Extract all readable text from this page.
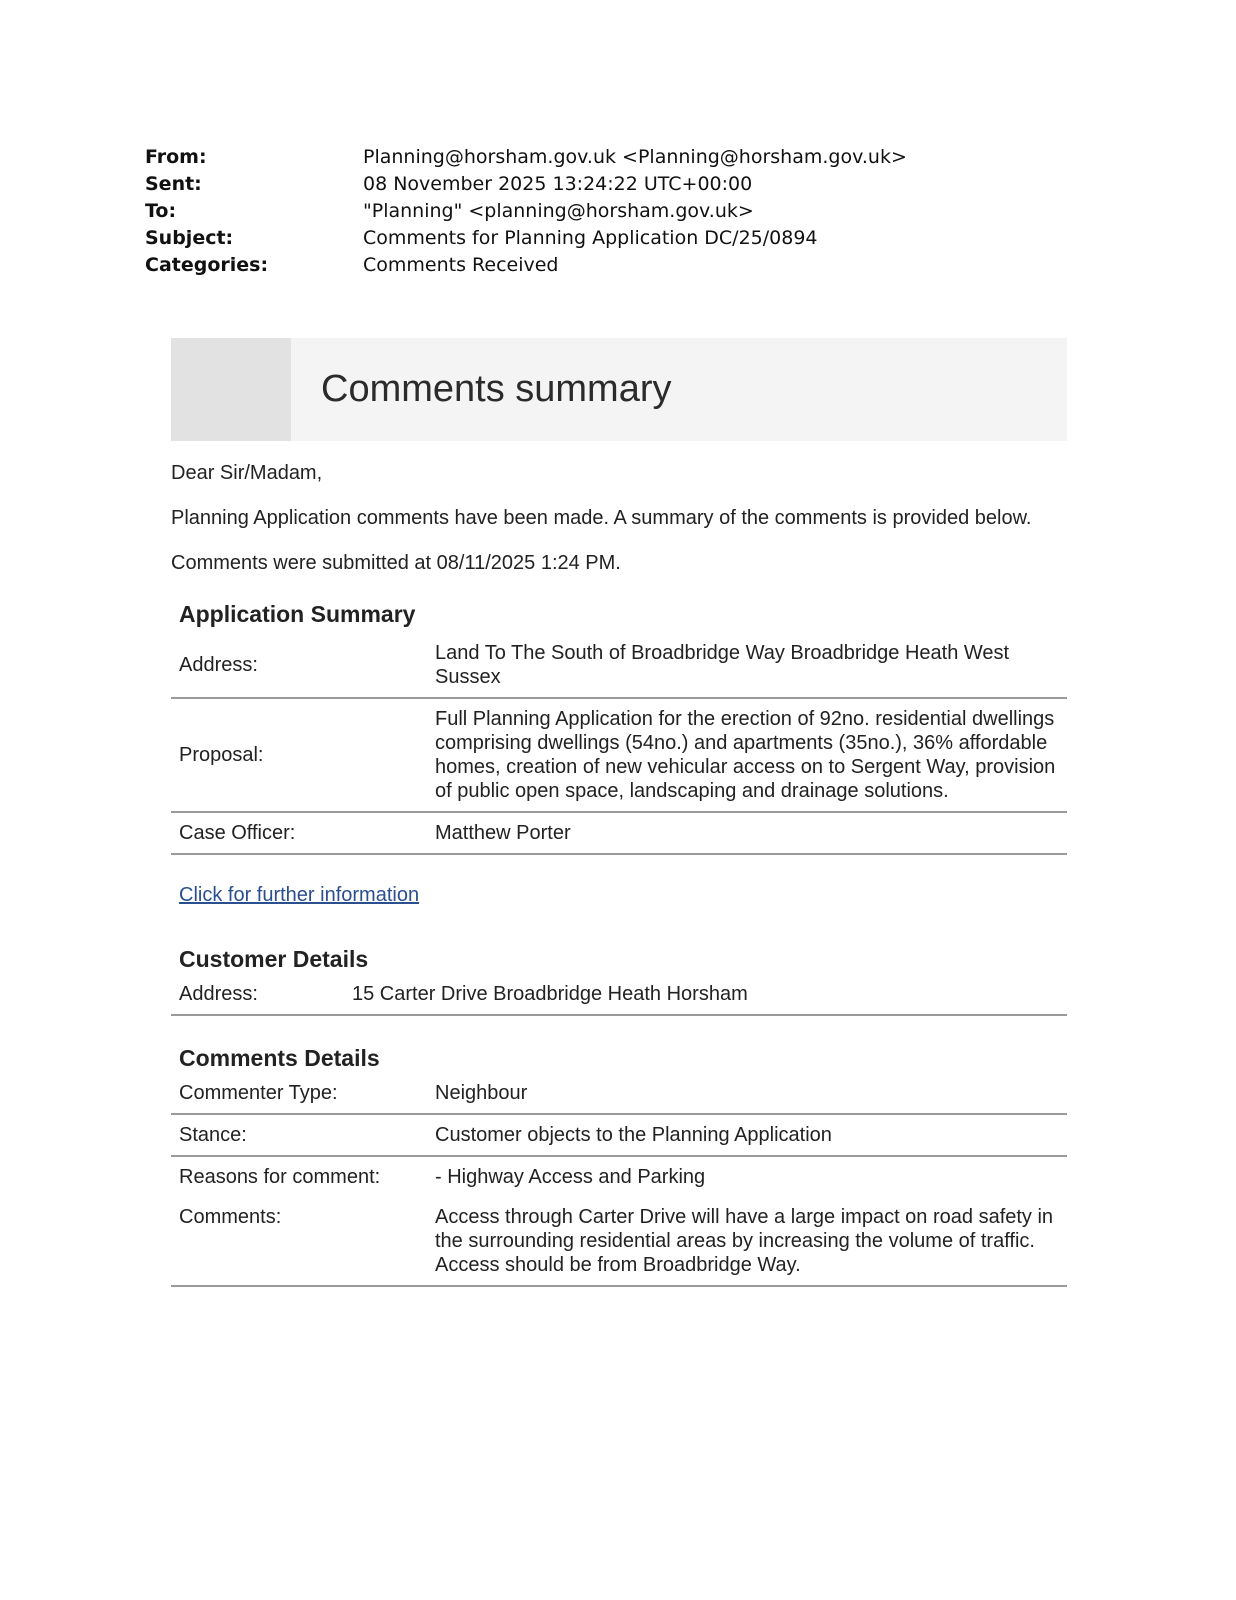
From:	Planning@horsham.gov.uk <Planning@horsham.gov.uk>
Sent:	08 November 2025 13:24:22 UTC+00:00
To:	"Planning" <planning@horsham.gov.uk>
Subject:	Comments for Planning Application DC/25/0894
Categories:	Comments Received
Comments summary

Dear Sir/Madam,

Planning Application comments have been made. A summary of the comments is provided below.

Comments were submitted at 08/11/2025 1:24 PM.

Application Summary
Address:	Land To The South of Broadbridge Way Broadbridge Heath West Sussex
Proposal:	Full Planning Application for the erection of 92no. residential dwellings comprising dwellings (54no.) and apartments (35no.), 36% affordable homes, creation of new vehicular access on to Sergent Way, provision of public open space, landscaping and drainage solutions.
Case Officer:	Matthew Porter
Click for further information
Customer Details
Address:	15 Carter Drive Broadbridge Heath Horsham
Comments Details
Commenter Type:	Neighbour
Stance:	Customer objects to the Planning Application
Reasons for comment:	- Highway Access and Parking
Comments:	Access through Carter Drive will have a large impact on road safety in the surrounding residential areas by increasing the volume of traffic. Access should be from Broadbridge Way.
